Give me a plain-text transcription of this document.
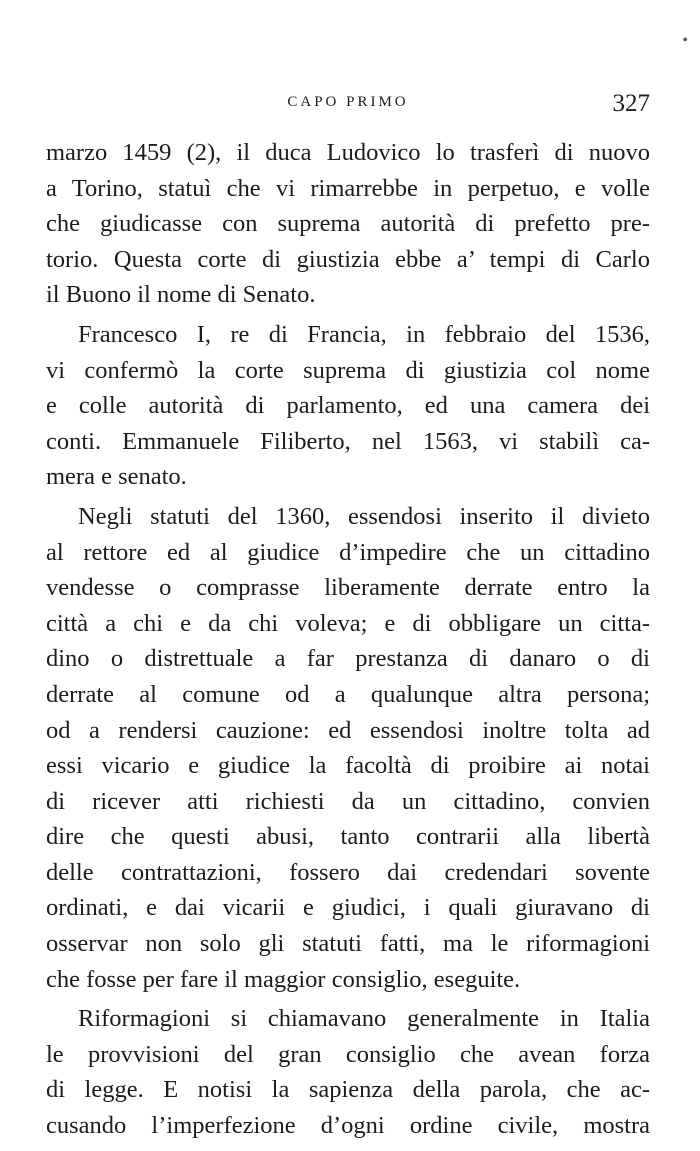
CAPO PRIMO	327
•
marzo 1459 (2), il duca Ludovico lo trasferì di nuovo
a Torino, statuì che vi rimarrebbe in perpetuo, e volle
che giudicasse con suprema autorità di prefetto pre-
torio. Questa corte di giustizia ebbe a’ tempi di Carlo
il Buono il nome di Senato.
Francesco I, re di Francia, in febbraio del 1536,
vi confermò la corte suprema di giustizia col nome
e colle autorità di parlamento, ed una camera dei
conti. Emmanuele Filiberto, nel 1563, vi stabilì ca-
mera e senato.
Negli statuti del 1360, essendosi inserito il divieto
al rettore ed al giudice d’impedire che un cittadino
vendesse o comprasse liberamente derrate entro la
città a chi e da chi voleva; e di obbligare un citta-
dino o distrettuale a far prestanza di danaro o di
derrate al comune od a qualunque altra persona;
od a rendersi cauzione: ed essendosi inoltre tolta ad
essi vicario e giudice la facoltà di proibire ai notai
di ricever atti richiesti da un cittadino, convien
dire che questi abusi, tanto contrarii alla libertà
delle contrattazioni, fossero dai credendari sovente
ordinati, e dai vicarii e giudici, i quali giuravano di
osservar non solo gli statuti fatti, ma le riformagioni
che fosse per fare il maggior consiglio, eseguite.
Riformagioni si chiamavano generalmente in Italia
le provvisioni del gran consiglio che avean forza
di legge. E notisi la sapienza della parola, che ac-
cusando l’imperfezione d’ogni ordine civile, mostra
